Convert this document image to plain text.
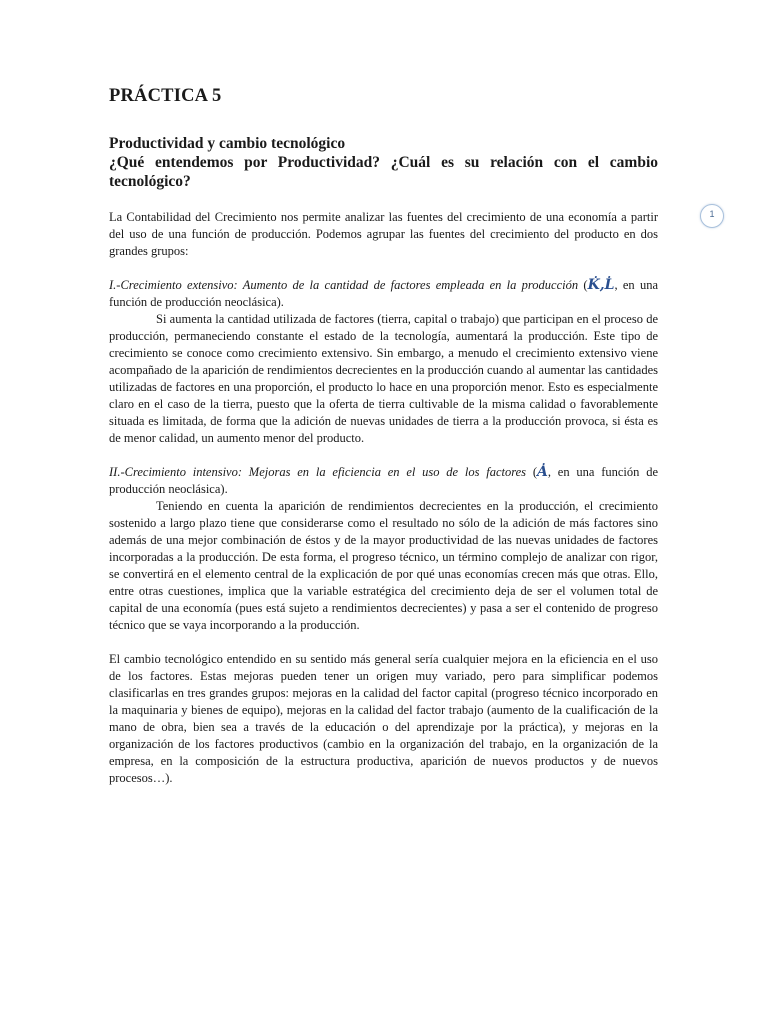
PRÁCTICA 5
Productividad y cambio tecnológico
¿Qué entendemos por Productividad? ¿Cuál es su relación con el cambio tecnológico?

La Contabilidad del Crecimiento nos permite analizar las fuentes del crecimiento de una economía a partir del uso de una función de producción. Podemos agrupar las fuentes del crecimiento del producto en dos grandes grupos:

I.-Crecimiento extensivo: Aumento de la cantidad de factores empleada en la producción (K̇,L̇, en una función de producción neoclásica).

Si aumenta la cantidad utilizada de factores (tierra, capital o trabajo) que participan en el proceso de producción, permaneciendo constante el estado de la tecnología, aumentará la producción. Este tipo de crecimiento se conoce como crecimiento extensivo. Sin embargo, a menudo el crecimiento extensivo viene acompañado de la aparición de rendimientos decrecientes en la producción cuando al aumentar las cantidades utilizadas de factores en una proporción, el producto lo hace en una proporción menor. Esto es especialmente claro en el caso de la tierra, puesto que la oferta de tierra cultivable de la misma calidad o favorablemente situada es limitada, de forma que la adición de nuevas unidades de tierra a la producción provoca, si ésta es de menor calidad, un aumento menor del producto.

II.-Crecimiento intensivo: Mejoras en la eficiencia en el uso de los factores (Ȧ, en una función de producción neoclásica).

Teniendo en cuenta la aparición de rendimientos decrecientes en la producción, el crecimiento sostenido a largo plazo tiene que considerarse como el resultado no sólo de la adición de más factores sino además de una mejor combinación de éstos y de la mayor productividad de las nuevas unidades de factores incorporadas a la producción. De esta forma, el progreso técnico, un término complejo de analizar con rigor, se convertirá en el elemento central de la explicación de por qué unas economías crecen más que otras. Ello, entre otras cuestiones, implica que la variable estratégica del crecimiento deja de ser el volumen total de capital de una economía (pues está sujeto a rendimientos decrecientes) y pasa a ser el contenido de progreso técnico que se vaya incorporando a la producción.

El cambio tecnológico entendido en su sentido más general sería cualquier mejora en la eficiencia en el uso de los factores. Estas mejoras pueden tener un origen muy variado, pero para simplificar podemos clasificarlas en tres grandes grupos: mejoras en la calidad del factor capital (progreso técnico incorporado en la maquinaria y bienes de equipo), mejoras en la calidad del factor trabajo (aumento de la cualificación de la mano de obra, bien sea a través de la educación o del aprendizaje por la práctica), y mejoras en la organización de los factores productivos (cambio en la organización del trabajo, en la organización de la empresa, en la composición de la estructura productiva, aparición de nuevos productos y de nuevos procesos…).

1
